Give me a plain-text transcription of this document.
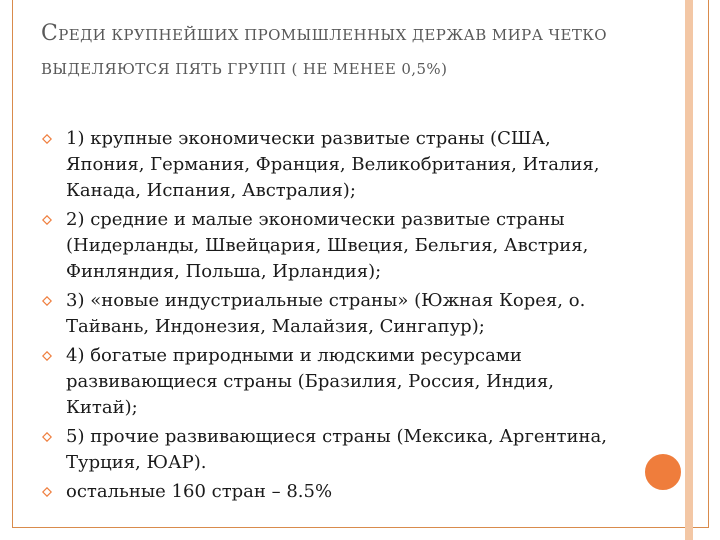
СРЕДИ КРУПНЕЙШИХ ПРОМЫШЛЕННЫХ ДЕРЖАВ МИРА ЧЕТКО ВЫДЕЛЯЮТСЯ ПЯТЬ ГРУПП ( НЕ МЕНЕЕ 0,5%)
1) крупные экономически развитые страны (США, Япония, Германия, Франция, Великобритания, Италия, Канада, Испания, Австралия);
2) средние и малые экономически развитые страны (Нидерланды, Швейцария, Швеция, Бельгия, Австрия, Финляндия, Польша, Ирландия);
3) «новые индустриальные страны» (Южная Корея, о. Тайвань, Индонезия, Малайзия, Сингапур);
4) богатые природными и людскими ресурсами развивающиеся страны (Бразилия, Россия, Индия, Китай);
5) прочие развивающиеся страны (Мексика, Аргентина, Турция, ЮАР).
остальные 160 стран – 8.5%
